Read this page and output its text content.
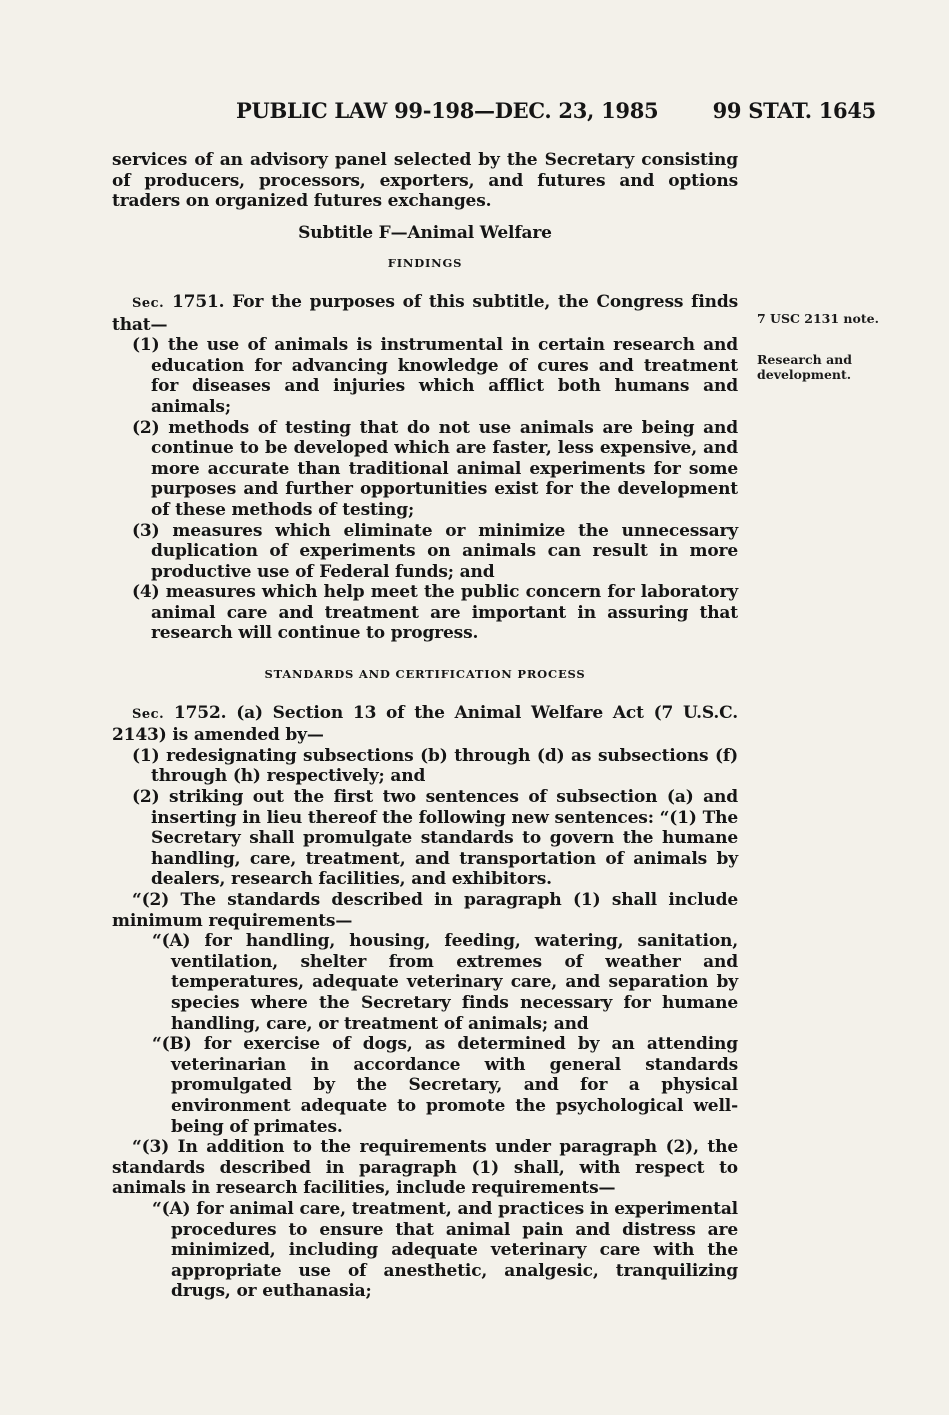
PUBLIC LAW 99-198—DEC. 23, 1985	99 STAT. 1645

services of an advisory panel selected by the Secretary consisting of producers, processors, exporters, and futures and options traders on organized futures exchanges.

Subtitle F—Animal Welfare

FINDINGS

Sec. 1751. For the purposes of this subtitle, the Congress finds that—

(1) the use of animals is instrumental in certain research and education for advancing knowledge of cures and treatment for diseases and injuries which afflict both humans and animals;

(2) methods of testing that do not use animals are being and continue to be developed which are faster, less expensive, and more accurate than traditional animal experiments for some purposes and further opportunities exist for the development of these methods of testing;

(3) measures which eliminate or minimize the unnecessary duplication of experiments on animals can result in more productive use of Federal funds; and

(4) measures which help meet the public concern for laboratory animal care and treatment are important in assuring that research will continue to progress.

STANDARDS AND CERTIFICATION PROCESS

Sec. 1752. (a) Section 13 of the Animal Welfare Act (7 U.S.C. 2143) is amended by—

(1) redesignating subsections (b) through (d) as subsections (f) through (h) respectively; and

(2) striking out the first two sentences of subsection (a) and inserting in lieu thereof the following new sentences: “(1) The Secretary shall promulgate standards to govern the humane handling, care, treatment, and transportation of animals by dealers, research facilities, and exhibitors.

“(2) The standards described in paragraph (1) shall include minimum requirements—

“(A) for handling, housing, feeding, watering, sanitation, ventilation, shelter from extremes of weather and temperatures, adequate veterinary care, and separation by species where the Secretary finds necessary for humane handling, care, or treatment of animals; and

“(B) for exercise of dogs, as determined by an attending veterinarian in accordance with general standards promulgated by the Secretary, and for a physical environment adequate to promote the psychological well-being of primates.

“(3) In addition to the requirements under paragraph (2), the standards described in paragraph (1) shall, with respect to animals in research facilities, include requirements—

“(A) for animal care, treatment, and practices in experimental procedures to ensure that animal pain and distress are minimized, including adequate veterinary care with the appropriate use of anesthetic, analgesic, tranquilizing drugs, or euthanasia;

7 USC 2131 note.
Research and
development.
